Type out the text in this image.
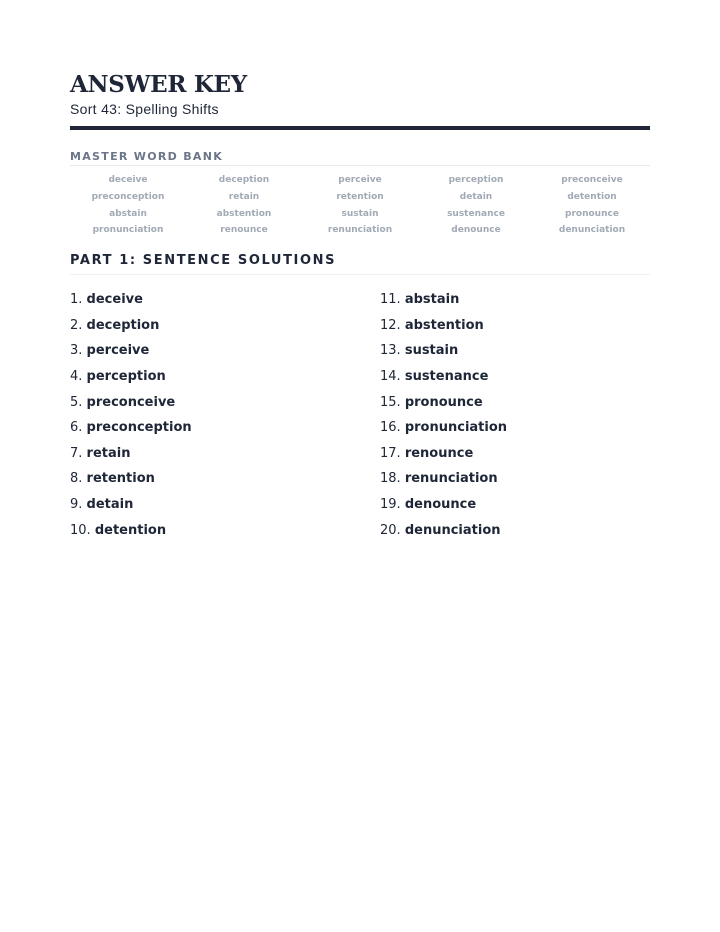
ANSWER KEY

Sort 43: Spelling Shifts

MASTER WORD BANK
deceive	deception	perceive	perception	preconceive
preconception	retain	retention	detain	detention
abstain	abstention	sustain	sustenance	pronounce
pronunciation	renounce	renunciation	denounce	denunciation
PART 1: SENTENCE SOLUTIONS
1. deceive
2. deception
3. perceive
4. perception
5. preconceive
6. preconception
7. retain
8. retention
9. detain
10. detention
11. abstain
12. abstention
13. sustain
14. sustenance
15. pronounce
16. pronunciation
17. renounce
18. renunciation
19. denounce
20. denunciation
